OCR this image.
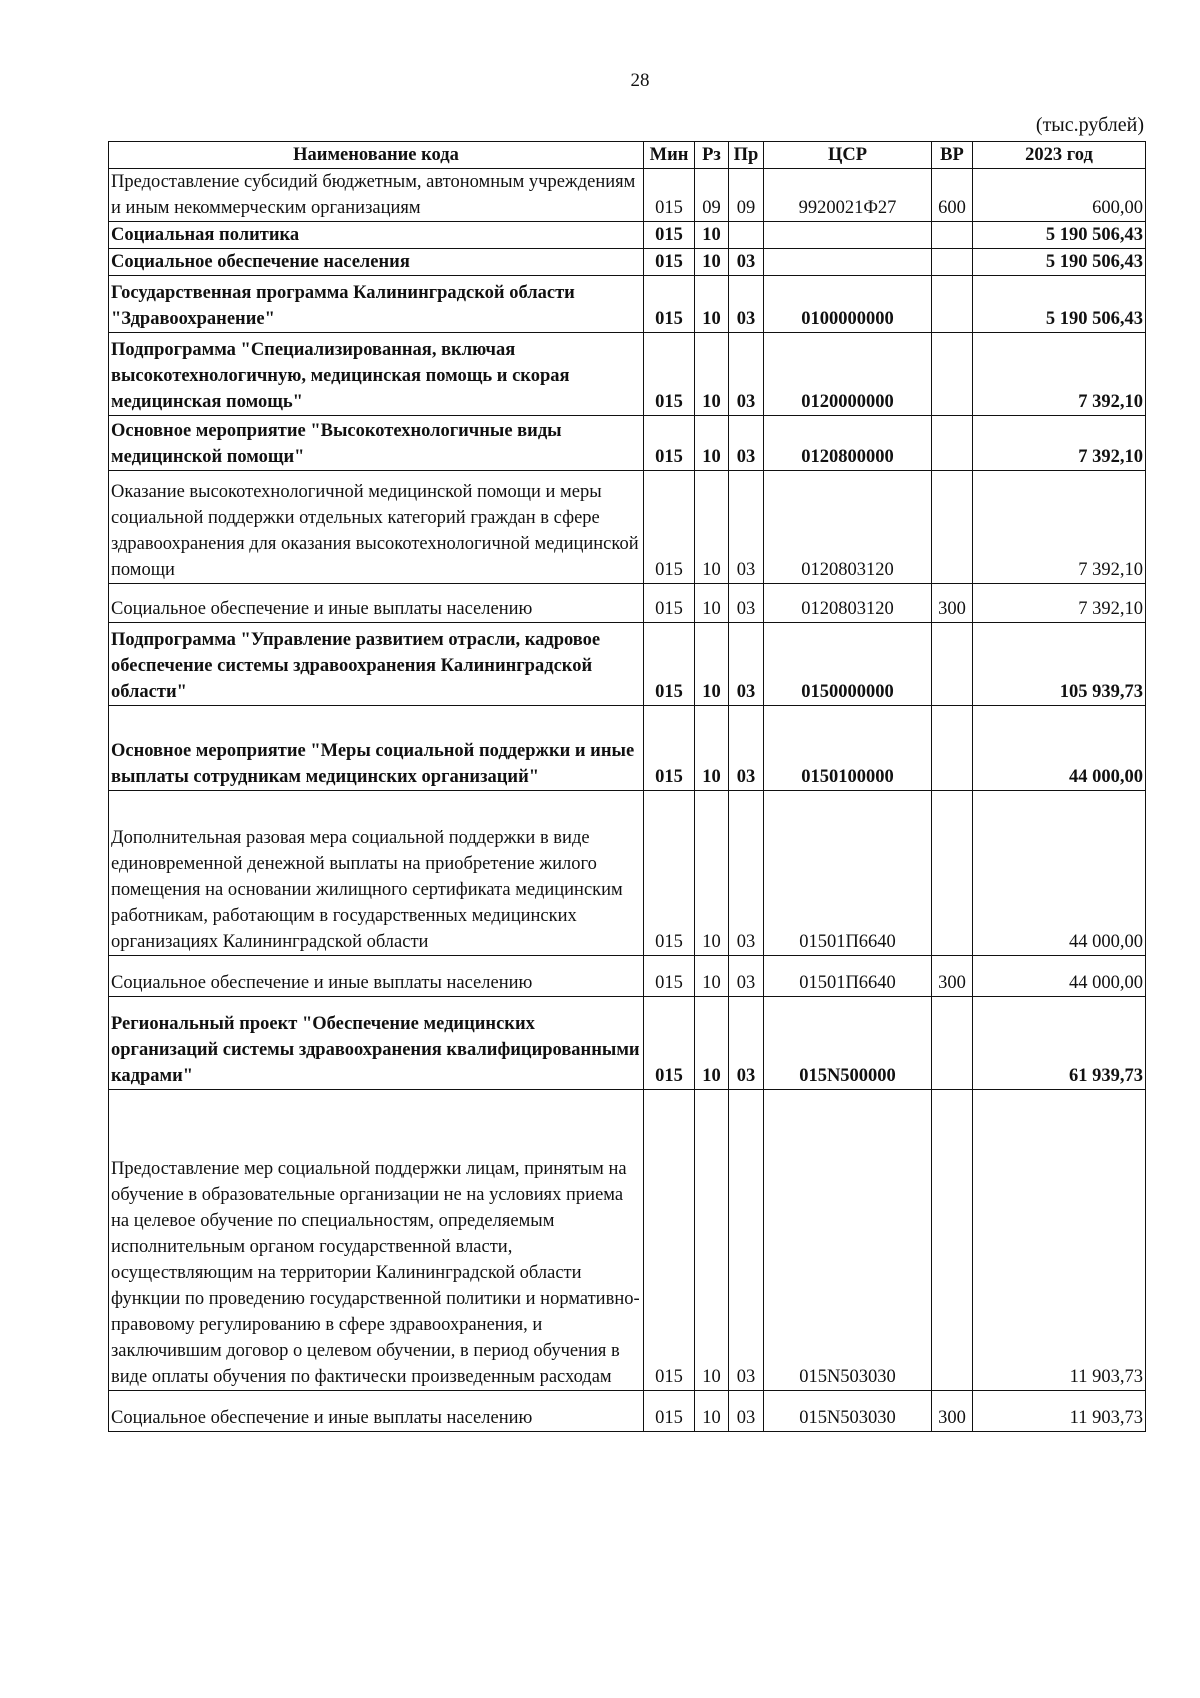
28
(тыс.рублей)
Наименование кода	Мин	Рз	Пр	ЦСР	ВР	2023 год
Предоставление субсидий бюджетным, автономным учреждениям и иным некоммерческим организациям	015	09	09	9920021Ф27	600	600,00
Социальная политика	015	10				5 190 506,43
Социальное обеспечение населения	015	10	03			5 190 506,43
Государственная программа Калининградской области "Здравоохранение"	015	10	03	0100000000		5 190 506,43
Подпрограмма "Специализированная, включая высокотехнологичную, медицинская помощь и скорая медицинская помощь"	015	10	03	0120000000		7 392,10
Основное мероприятие "Высокотехнологичные виды медицинской помощи"	015	10	03	0120800000		7 392,10
Оказание высокотехнологичной медицинской помощи и меры социальной поддержки отдельных категорий граждан в сфере здравоохранения для оказания высокотехнологичной медицинской помощи	015	10	03	0120803120		7 392,10
Социальное обеспечение и иные выплаты населению	015	10	03	0120803120	300	7 392,10
Подпрограмма "Управление развитием отрасли, кадровое обеспечение системы здравоохранения Калининградской области"	015	10	03	0150000000		105 939,73
Основное мероприятие "Меры социальной поддержки и иные выплаты сотрудникам медицинских организаций"	015	10	03	0150100000		44 000,00
Дополнительная разовая мера социальной поддержки в виде единовременной денежной выплаты на приобретение жилого помещения на основании жилищного сертификата медицинским работникам, работающим в государственных медицинских организациях Калининградской области	015	10	03	01501П6640		44 000,00
Социальное обеспечение и иные выплаты населению	015	10	03	01501П6640	300	44 000,00
Региональный проект "Обеспечение медицинских организаций системы здравоохранения квалифицированными кадрами"	015	10	03	015N500000		61 939,73
Предоставление мер социальной поддержки лицам, принятым на обучение в образовательные организации не на условиях приема на целевое обучение по специальностям, определяемым исполнительным органом государственной власти, осуществляющим на территории Калининградской области функции по проведению государственной политики и нормативно-правовому регулированию в сфере здравоохранения, и заключившим договор о целевом обучении, в период обучения в виде оплаты обучения по фактически произведенным расходам	015	10	03	015N503030		11 903,73
Социальное обеспечение и иные выплаты населению	015	10	03	015N503030	300	11 903,73
